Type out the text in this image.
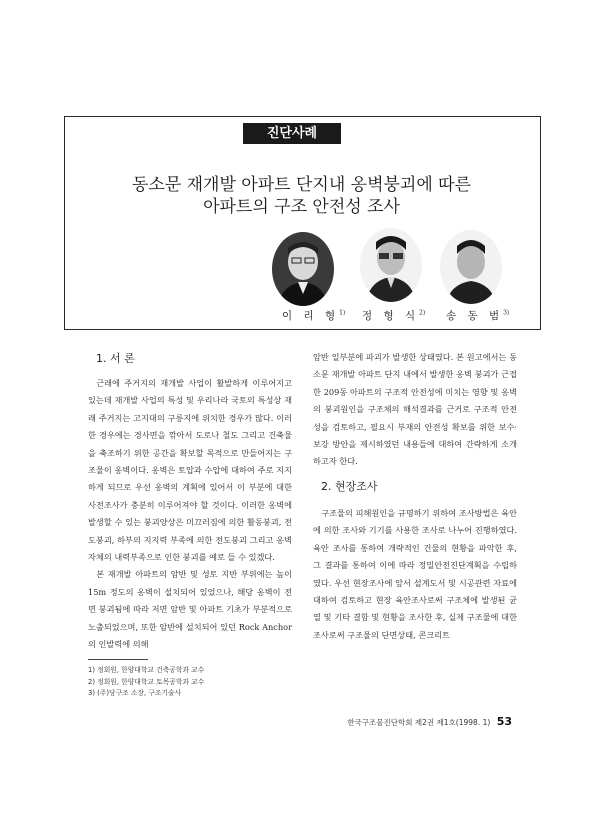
진단사례
동소문 재개발 아파트 단지내 옹벽붕괴에 따른
아파트의 구조 안전성 조사
이 리 형$^{1)}$ 정 형 식$^{2)}$ 송 동 범$^{3)}$
1. 서 론

근래에 주거지의 재개발 사업이 활발하게 이루어지고 있는데 재개발 사업의 특성 및 우리나라 국토의 특성상 재래 주거지는 고지대의 구릉지에 위치한 경우가 많다. 이러한 경우에는 경사면을 깎아서 도로나 철도 그리고 건축물을 축조하기 위한 공간을 확보할 목적으로 만들어지는 구조물이 옹벽이다. 옹벽은 토압과 수압에 대하여 주로 지지하게 되므로 우선 옹벽의 계획에 있어서 이 부분에 대한 사전조사가 충분히 이루어져야 할 것이다. 이러한 옹벽에 발생할 수 있는 붕괴양상은 미끄러짐에 의한 활동붕괴, 전도붕괴, 하부의 지지력 부족에 의한 전도붕괴 그리고 옹벽 자체의 내력부족으로 인한 붕괴를 예로 들 수 있겠다.

본 재개발 아파트의 암반 및 성토 지반 부위에는 높이 15m 정도의 옹벽이 설치되어 있었으나, 해당 옹벽이 전면 붕괴됨에 따라 저면 암반 및 아파트 기초가 부분적으로 노출되었으며, 또한 암반에 설치되어 있던 Rock Anchor의 인발력에 의해

암반 일부분에 파괴가 발생한 상태였다. 본 원고에서는 동소문 재개발 아파트 단지 내에서 발생한 옹벽 붕괴가 근접한 209동 아파트의 구조적 안전성에 미치는 영향 및 옹벽의 붕괴원인을 구조체의 해석결과를 근거로 구조적 안전성을 검토하고, 필요시 부재의 안전성 확보를 위한 보수·보강 방안을 제시하였던 내용들에 대하여 간략하게 소개하고자 한다.

2. 현장조사

구조물의 피해원인을 규명하기 위하여 조사방법은 육안에 의한 조사와 기기를 사용한 조사로 나누어 진행하였다. 육안 조사를 통하여 개략적인 건물의 현황을 파악한 후, 그 결과를 통하여 이에 따라 정밀안전진단계획을 수립하였다. 우선 현장조사에 앞서 설계도서 및 시공관련 자료에 대하여 검토하고 현장 육안조사로써 구조체에 발생된 균열 및 기타 결함 및 현황을 조사한 후, 실제 구조물에 대한 조사로써 구조물의 단면상태, 콘크리트

1) 정회원, 한양대학교 건축공학과 교수
2) 정회원, 한양대학교 토목공학과 교수
3) (주)당구조 소장, 구조기술사
한국구조물진단학회 제2권 제1호(1998. 1) 53
